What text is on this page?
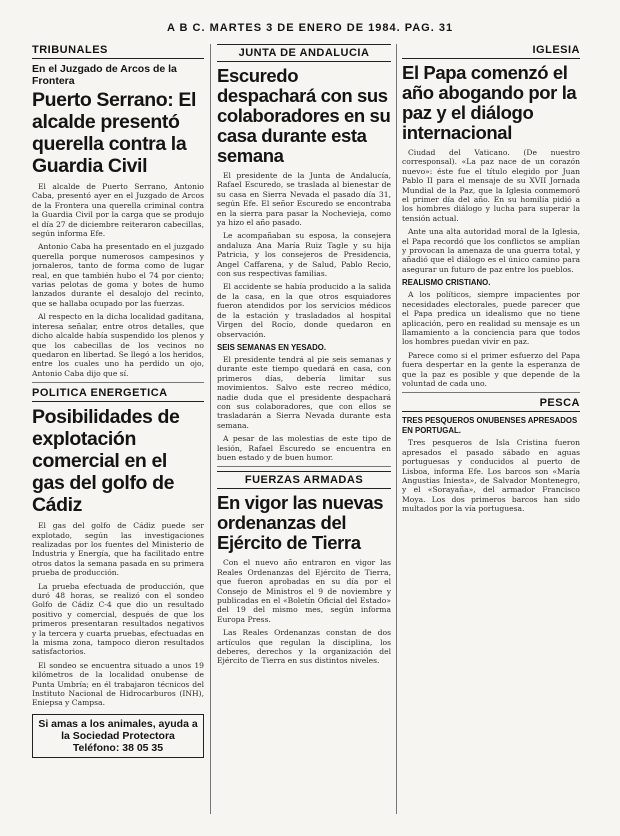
A B C. MARTES 3 DE ENERO DE 1984. PAG. 31
TRIBUNALES
En el Juzgado de Arcos de la Frontera
Puerto Serrano: El alcalde presentó querella contra la Guardia Civil

El alcalde de Puerto Serrano, Antonio Caba, presentó ayer en el Juzgado de Arcos de la Frontera una querella criminal contra la Guardia Civil por la carga que se produjo el día 27 de diciembre reiteraron cabecillas, según informa Efe.

Antonio Caba ha presentado en el juzgado querella porque numerosos campesinos y jornaleros, tanto de forma como de lugar real, en que también hubo el 74 por ciento; varias pelotas de goma y botes de humo lanzados durante el desalojo del recinto, que se hallaba ocupado por las fuerzas.

Al respecto en la dicha localidad gaditana, interesa señalar, entre otros detalles, que dicho alcalde había suspendido los plenos y que los cabecillas de los vecinos no quedaron en libertad. Se llegó a los heridos, entre los cuales uno ha perdido un ojo, Antonio Caba dijo que sí.

POLITICA ENERGETICA
Posibilidades de explotación comercial en el gas del golfo de Cádiz

El gas del golfo de Cádiz puede ser explotado, según las investigaciones realizadas por los fuentes del Ministerio de Industria y Energía, que ha facilitado entre otros datos la semana pasada en su primera prueba de producción.

La prueba efectuada de producción, que duró 48 horas, se realizó con el sondeo Golfo de Cádiz C-4 que dio un resultado positivo y comercial, después de que los primeros presentaran resultados negativos y la tercera y cuarta pruebas, efectuadas en la misma zona, tampoco dieron resultados satisfactorios.

El sondeo se encuentra situado a unos 19 kilómetros de la localidad onubense de Punta Umbría; en él trabajaron técnicos del Instituto Nacional de Hidrocarburos (INH), Eniepsa y Campsa.

Si amas a los animales, ayuda a la Sociedad Protectora Teléfono: 38 05 35
JUNTA DE ANDALUCIA
Escuredo despachará con sus colaboradores en su casa durante esta semana

El presidente de la Junta de Andalucía, Rafael Escuredo, se traslada al bienestar de su casa en Sierra Nevada el pasado día 31, según Efe. El señor Escuredo se encontraba en la sierra para pasar la Nochevieja, como ya hizo el año pasado.

Le acompañaban su esposa, la consejera andaluza Ana María Ruiz Tagle y su hija Patricia, y los consejeros de Presidencia, Angel Caffarena, y de Salud, Pablo Recio, con sus respectivas familias.

El accidente se había producido a la salida de la casa, en la que otros esquiadores fueron atendidos por los servicios médicos de la estación y trasladados al hospital Virgen del Rocío, donde quedaron en observación.

SEIS SEMANAS EN YESADO.

El presidente tendrá al pie seis semanas y durante este tiempo quedará en casa, con primeros días, debería limitar sus movimientos. Salvo este recreo médico, nadie duda que el presidente despachará con sus colaboradores, que con ellos se trasladarán a Sierra Nevada durante esta semana.

A pesar de las molestias de este tipo de lesión, Rafael Escuredo se encuentra en buen estado y de buen humor.

FUERZAS ARMADAS
En vigor las nuevas ordenanzas del Ejército de Tierra

Con el nuevo año entraron en vigor las Reales Ordenanzas del Ejército de Tierra, que fueron aprobadas en su día por el Consejo de Ministros el 9 de noviembre y publicadas en el «Boletín Oficial del Estado» del 19 del mismo mes, según informa Europa Press.

Las Reales Ordenanzas constan de dos artículos que regulan la disciplina, los deberes, derechos y la organización del Ejército de Tierra en sus distintos niveles.

IGLESIA
El Papa comenzó el año abogando por la paz y el diálogo internacional

Ciudad del Vaticano. (De nuestro corresponsal). «La paz nace de un corazón nuevo»: éste fue el título elegido por Juan Pablo II para el mensaje de su XVII Jornada Mundial de la Paz, que la Iglesia conmemoró el primer día del año. En su homilía pidió a los hombres diálogo y lucha para superar la tensión actual.

Ante una alta autoridad moral de la Iglesia, el Papa recordó que los conflictos se amplían y provocan la amenaza de una guerra total, y añadió que el diálogo es el único camino para asegurar un futuro de paz entre los pueblos.

REALISMO CRISTIANO.

A los políticos, siempre impacientes por necesidades electorales, puede parecer que el Papa predica un idealismo que no tiene aplicación, pero en realidad su mensaje es un llamamiento a la conciencia para que todos los hombres puedan vivir en paz.

Parece como si el primer esfuerzo del Papa fuera despertar en la gente la esperanza de que la paz es posible y que depende de la voluntad de cada uno.

PESCA
TRES PESQUEROS ONUBENSES APRESADOS EN PORTUGAL.

Tres pesqueros de Isla Cristina fueron apresados el pasado sábado en aguas portuguesas y conducidos al puerto de Lisboa, informa Efe. Los barcos son «María Angustias Iniesta», de Salvador Montenegro, y el «Sorayaña», del armador Francisco Moya. Los dos primeros barcos han sido multados por la vía portuguesa.
